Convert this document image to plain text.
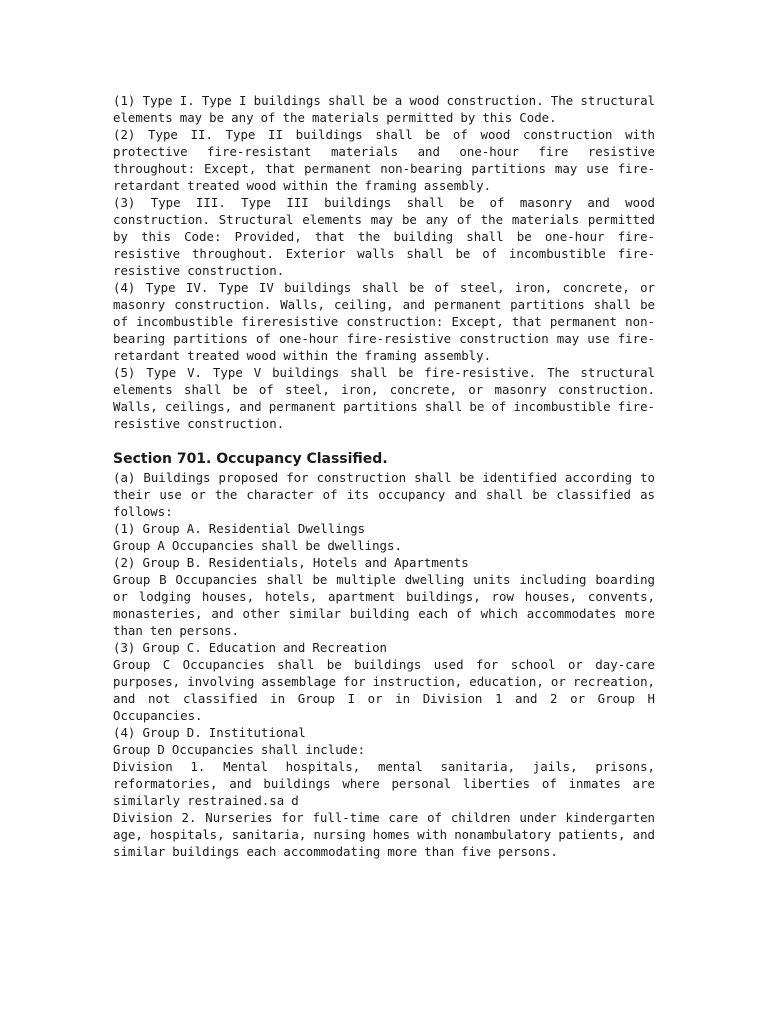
(1) Type I. Type I buildings shall be a wood construction. The structural elements may be any of the materials permitted by this Code.

(2) Type II. Type II buildings shall be of wood construction with protective fire-resistant materials and one-hour fire resistive throughout: Except, that permanent non-bearing partitions may use fire-retardant treated wood within the framing assembly.

(3) Type III. Type III buildings shall be of masonry and wood construction. Structural elements may be any of the materials permitted by this Code: Provided, that the building shall be one-hour fire-resistive throughout. Exterior walls shall be of incombustible fire-resistive construction.

(4) Type IV. Type IV buildings shall be of steel, iron, concrete, or masonry construction. Walls, ceiling, and permanent partitions shall be of incombustible fireresistive construction: Except, that permanent non-bearing partitions of one-hour fire-resistive construction may use fire-retardant treated wood within the framing assembly.

(5) Type V. Type V buildings shall be fire-resistive. The structural elements shall be of steel, iron, concrete, or masonry construction. Walls, ceilings, and permanent partitions shall be of incombustible fire-resistive construction.

Section 701. Occupancy Classified.

(a) Buildings proposed for construction shall be identified according to their use or the character of its occupancy and shall be classified as follows:

(1) Group A. Residential Dwellings

Group A Occupancies shall be dwellings.

(2) Group B. Residentials, Hotels and Apartments

Group B Occupancies shall be multiple dwelling units including boarding or lodging houses, hotels, apartment buildings, row houses, convents, monasteries, and other similar building each of which accommodates more than ten persons.

(3) Group C. Education and Recreation

Group C Occupancies shall be buildings used for school or day-care purposes, involving assemblage for instruction, education, or recreation, and not classified in Group I or in Division 1 and 2 or Group H Occupancies.

(4) Group D. Institutional

Group D Occupancies shall include:

Division 1. Mental hospitals, mental sanitaria, jails, prisons, reformatories, and buildings where personal liberties of inmates are similarly restrained.sa d

Division 2. Nurseries for full-time care of children under kindergarten age, hospitals, sanitaria, nursing homes with nonambulatory patients, and similar buildings each accommodating more than five persons.
